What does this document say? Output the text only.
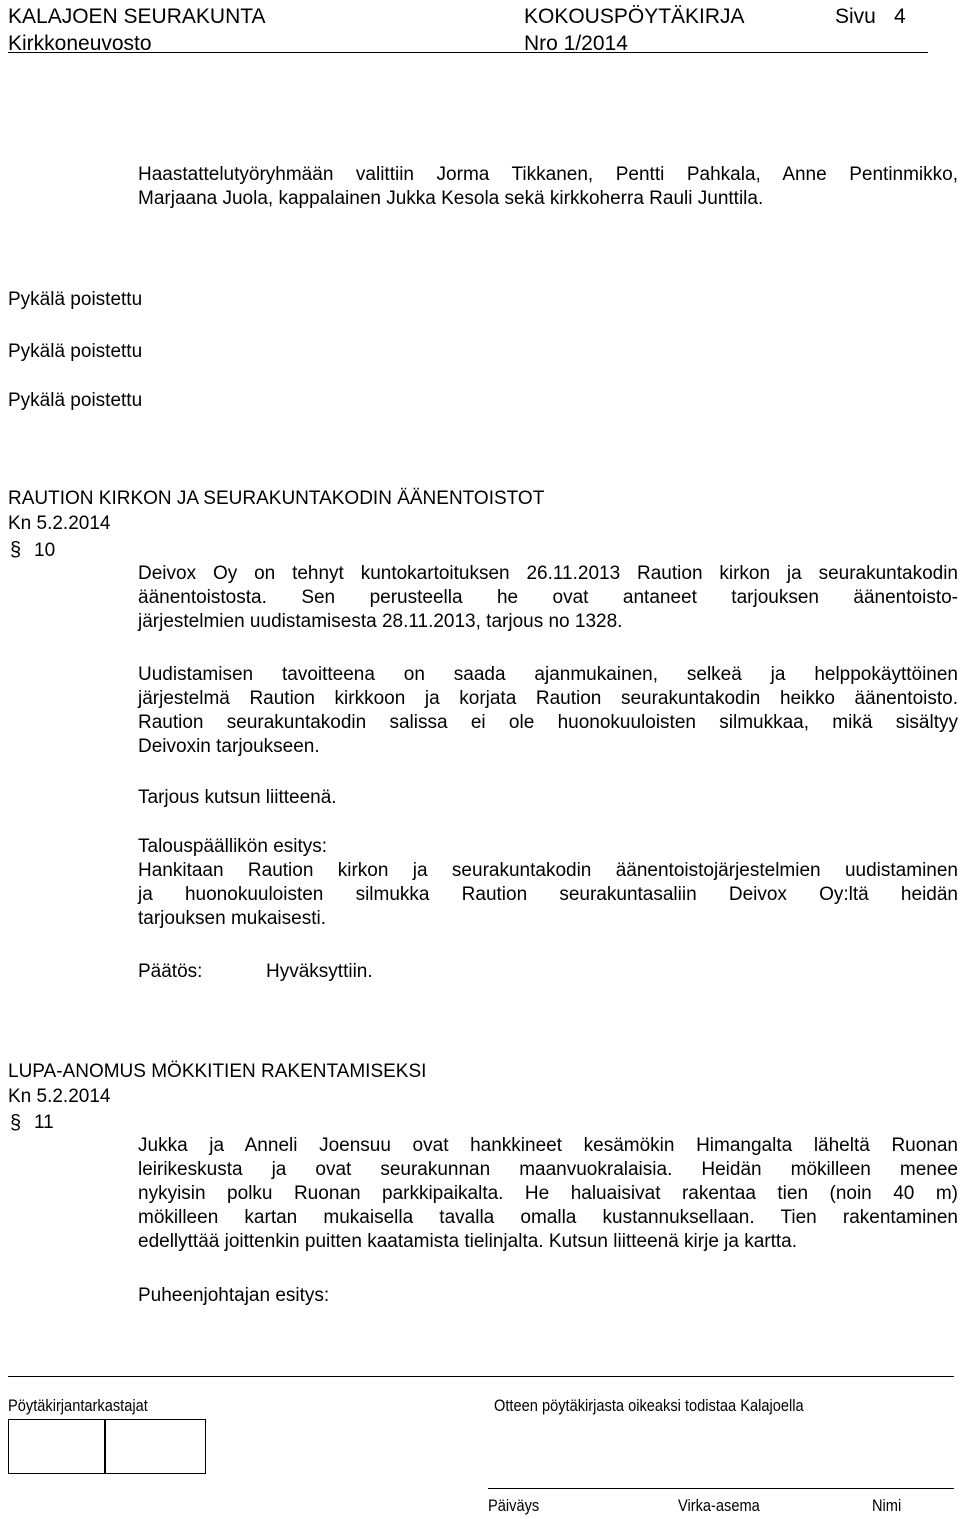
KALAJOEN SEURAKUNTA	KOKOUSPÖYTÄKIRJA	Sivu 4
Kirkkoneuvosto	Nro 1/2014
Haastattelutyöryhmään valittiin Jorma Tikkanen, Pentti Pahkala, Anne Pentinmikko,
Marjaana Juola, kappalainen Jukka Kesola sekä kirkkoherra Rauli Junttila.
Pykälä poistettu
Pykälä poistettu
Pykälä poistettu
RAUTION KIRKON JA SEURAKUNTAKODIN ÄÄNENTOISTOT
Kn 5.2.2014
§ 10
Deivox Oy on tehnyt kuntokartoituksen 26.11.2013 Raution kirkon ja seurakuntakodin
äänentoistosta. Sen perusteella he ovat antaneet tarjouksen äänentoisto-
järjestelmien uudistamisesta 28.11.2013, tarjous no 1328.
Uudistamisen tavoitteena on saada ajanmukainen, selkeä ja helppokäyttöinen
järjestelmä Raution kirkkoon ja korjata Raution seurakuntakodin heikko äänentoisto.
Raution seurakuntakodin salissa ei ole huonokuuloisten silmukkaa, mikä sisältyy
Deivoxin tarjoukseen.
Tarjous kutsun liitteenä.
Talouspäällikön esitys:
Hankitaan Raution kirkon ja seurakuntakodin äänentoistojärjestelmien uudistaminen
ja huonokuuloisten silmukka Raution seurakuntasaliin Deivox Oy:ltä heidän
tarjouksen mukaisesti.
Päätös:	Hyväksyttiin.
LUPA-ANOMUS MÖKKITIEN RAKENTAMISEKSI
Kn 5.2.2014
§ 11
Jukka ja Anneli Joensuu ovat hankkineet kesämökin Himangalta läheltä Ruonan
leirikeskusta ja ovat seurakunnan maanvuokralaisia. Heidän mökilleen menee
nykyisin polku Ruonan parkkipaikalta. He haluaisivat rakentaa tien (noin 40 m)
mökilleen kartan mukaisella tavalla omalla kustannuksellaan. Tien rakentaminen
edellyttää joittenkin puitten kaatamista tielinjalta. Kutsun liitteenä kirje ja kartta.
Puheenjohtajan esitys:
Pöytäkirjantarkastajat	Otteen pöytäkirjasta oikeaksi todistaa Kalajoella
Päiväys	Virka-asema	Nimi
